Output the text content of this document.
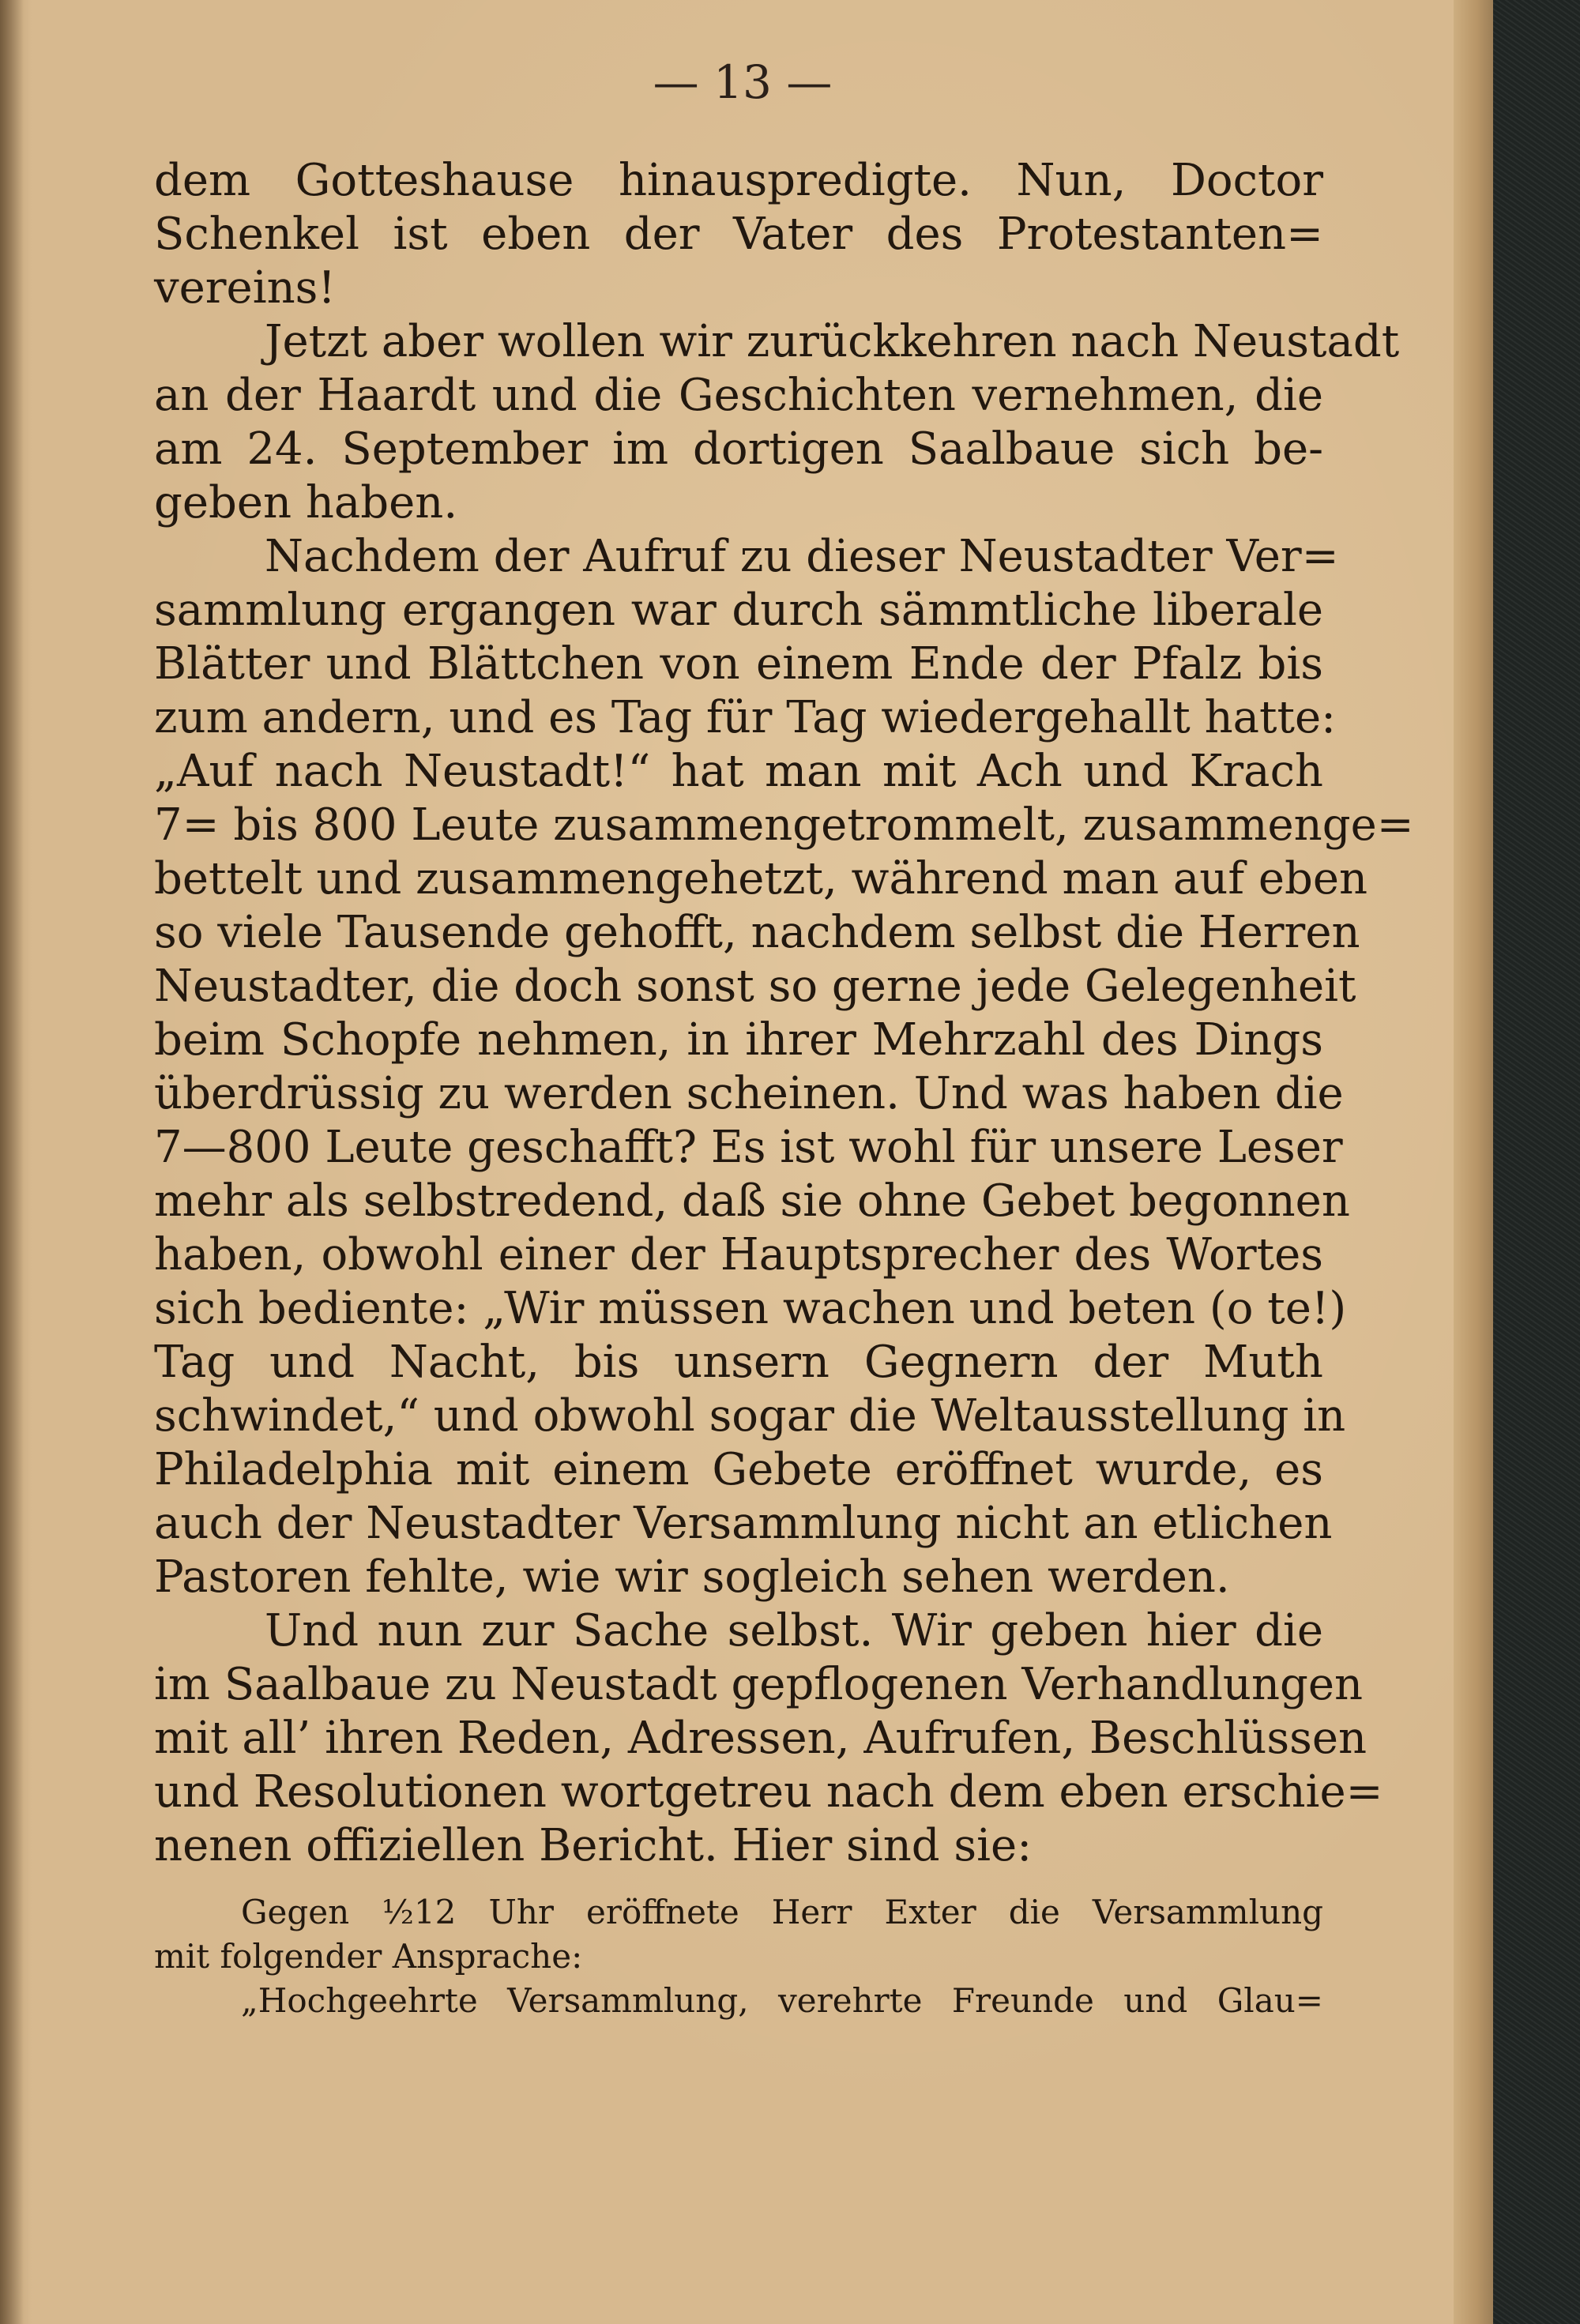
— 13 —
dem Gotteshause hinauspredigte. Nun, Doctor
Schenkel ist eben der Vater des Protestanten=
vereins!
Jetzt aber wollen wir zurückkehren nach Neustadt
an der Haardt und die Geschichten vernehmen, die
am 24. September im dortigen Saalbaue sich be-
geben haben.
Nachdem der Aufruf zu dieser Neustadter Ver=
sammlung ergangen war durch sämmtliche liberale
Blätter und Blättchen von einem Ende der Pfalz bis
zum andern, und es Tag für Tag wiedergehallt hatte:
„Auf nach Neustadt!“ hat man mit Ach und Krach
7= bis 800 Leute zusammengetrommelt, zusammenge=
bettelt und zusammengehetzt, während man auf eben
so viele Tausende gehofft, nachdem selbst die Herren
Neustadter, die doch sonst so gerne jede Gelegenheit
beim Schopfe nehmen, in ihrer Mehrzahl des Dings
überdrüssig zu werden scheinen. Und was haben die
7—800 Leute geschafft? Es ist wohl für unsere Leser
mehr als selbstredend, daß sie ohne Gebet begonnen
haben, obwohl einer der Hauptsprecher des Wortes
sich bediente: „Wir müssen wachen und beten (o te!)
Tag und Nacht, bis unsern Gegnern der Muth
schwindet,“ und obwohl sogar die Weltausstellung in
Philadelphia mit einem Gebete eröffnet wurde, es
auch der Neustadter Versammlung nicht an etlichen
Pastoren fehlte, wie wir sogleich sehen werden.
Und nun zur Sache selbst. Wir geben hier die
im Saalbaue zu Neustadt gepflogenen Verhandlungen
mit all’ ihren Reden, Adressen, Aufrufen, Beschlüssen
und Resolutionen wortgetreu nach dem eben erschie=
nenen offiziellen Bericht. Hier sind sie:
Gegen ½12 Uhr eröffnete Herr Exter die Versammlung
mit folgender Ansprache:
„Hochgeehrte Versammlung, verehrte Freunde und Glau=
